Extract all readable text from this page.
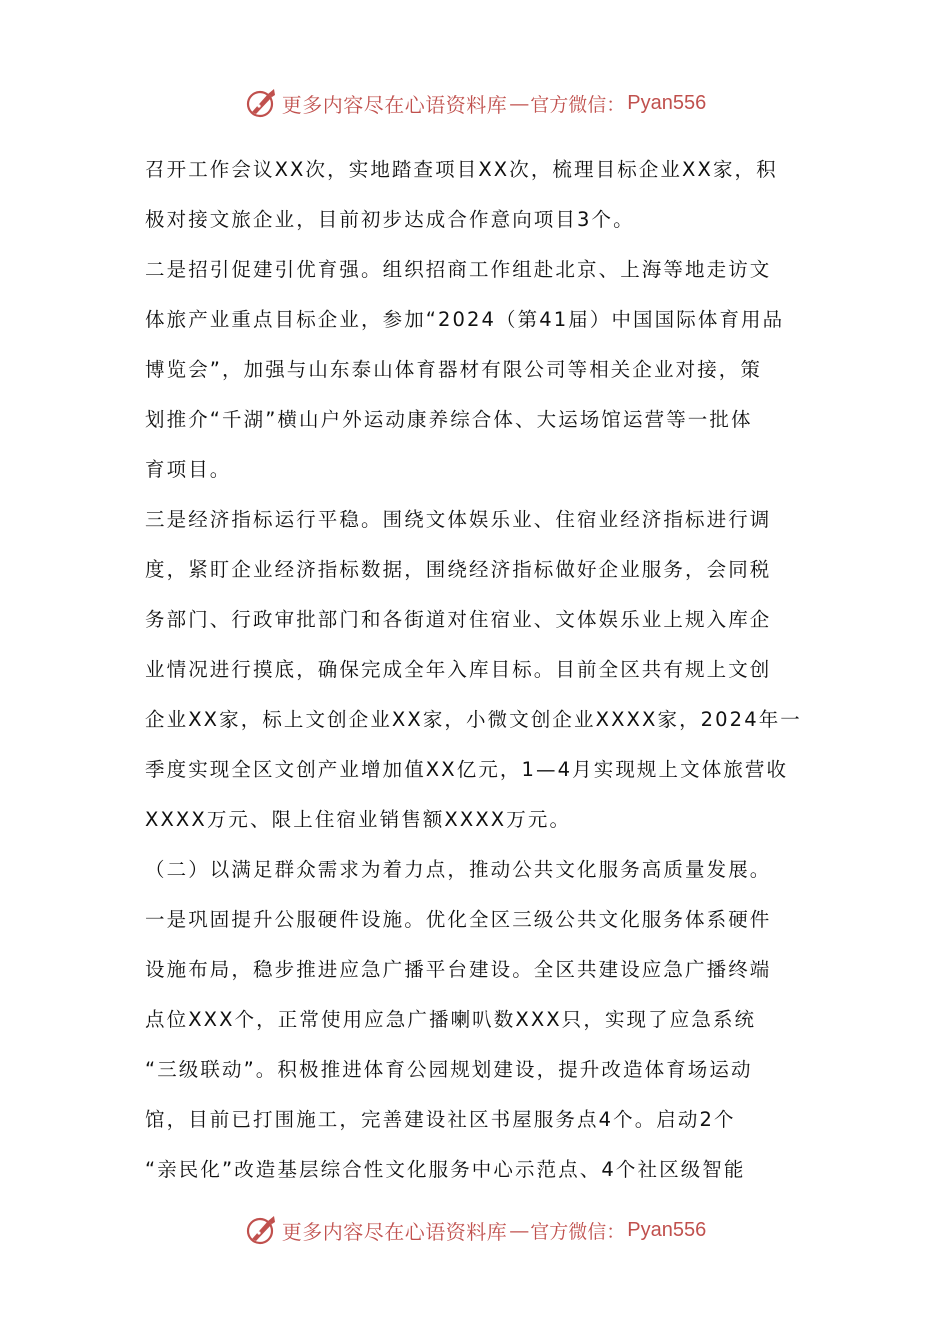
更多内容尽在心语资料库 — 官方微信： Pyan556
召开工作会议XX次，实地踏查项目XX次，梳理目标企业XX家，积
极对接文旅企业，目前初步达成合作意向项目3个。
二是招引促建引优育强。组织招商工作组赴北京、上海等地走访文
体旅产业重点目标企业，参加“2024（第41届）中国国际体育用品
博览会”，加强与山东泰山体育器材有限公司等相关企业对接，策
划推介“千湖”横山户外运动康养综合体、大运场馆运营等一批体
育项目。
三是经济指标运行平稳。围绕文体娱乐业、住宿业经济指标进行调
度，紧盯企业经济指标数据，围绕经济指标做好企业服务，会同税
务部门、行政审批部门和各街道对住宿业、文体娱乐业上规入库企
业情况进行摸底，确保完成全年入库目标。目前全区共有规上文创
企业XX家，标上文创企业XX家，小微文创企业XXXX家，2024年一
季度实现全区文创产业增加值XX亿元，1—4月实现规上文体旅营收
XXXX万元、限上住宿业销售额XXXX万元。
（二）以满足群众需求为着力点，推动公共文化服务高质量发展。
一是巩固提升公服硬件设施。优化全区三级公共文化服务体系硬件
设施布局，稳步推进应急广播平台建设。全区共建设应急广播终端
点位XXX个，正常使用应急广播喇叭数XXX只，实现了应急系统
“三级联动”。积极推进体育公园规划建设，提升改造体育场运动
馆，目前已打围施工，完善建设社区书屋服务点4个。启动2个
“亲民化”改造基层综合性文化服务中心示范点、4个社区级智能
更多内容尽在心语资料库 — 官方微信： Pyan556
